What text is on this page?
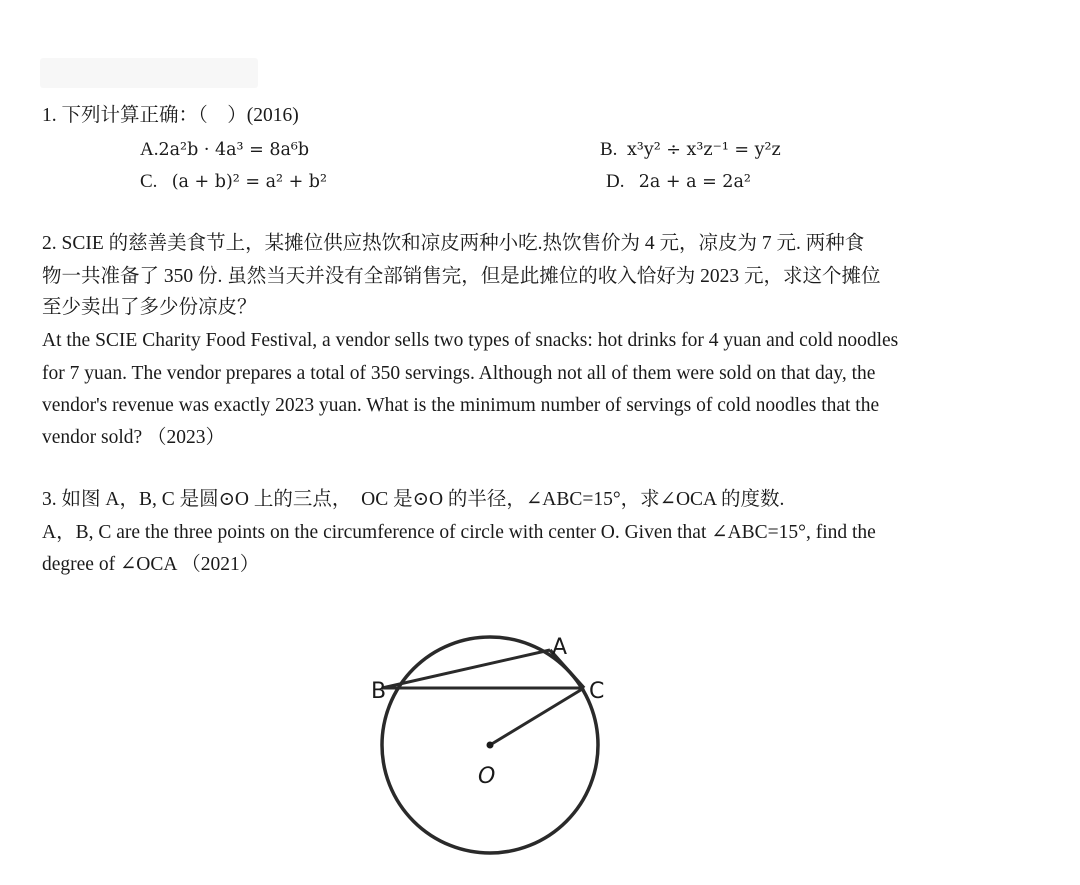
1. 下列计算正确：（　）(2016)
A.2a²b · 4a³ = 8a⁶b	B. x³y² ÷ x³z⁻¹ = y²z
C. (a + b)² = a² + b²	D. 2a + a = 2a²
2. SCIE 的慈善美食节上，某摊位供应热饮和凉皮两种小吃.热饮售价为 4 元，凉皮为 7 元. 两种食
物一共准备了 350 份. 虽然当天并没有全部销售完，但是此摊位的收入恰好为 2023 元，求这个摊位
至少卖出了多少份凉皮？
At the SCIE Charity Food Festival, a vendor sells two types of snacks: hot drinks for 4 yuan and cold noodles
for 7 yuan. The vendor prepares a total of 350 servings. Although not all of them were sold on that day, the
vendor's revenue was exactly 2023 yuan. What is the minimum number of servings of cold noodles that the
vendor sold? （2023）
3. 如图 A，B, C 是圆⊙O 上的三点，　OC 是⊙O 的半径，∠ABC=15°，求∠OCA 的度数.
A，B, C are the three points on the circumference of circle with center O. Given that ∠ABC=15°, find the
degree of ∠OCA （2021）
A
B	C
O
